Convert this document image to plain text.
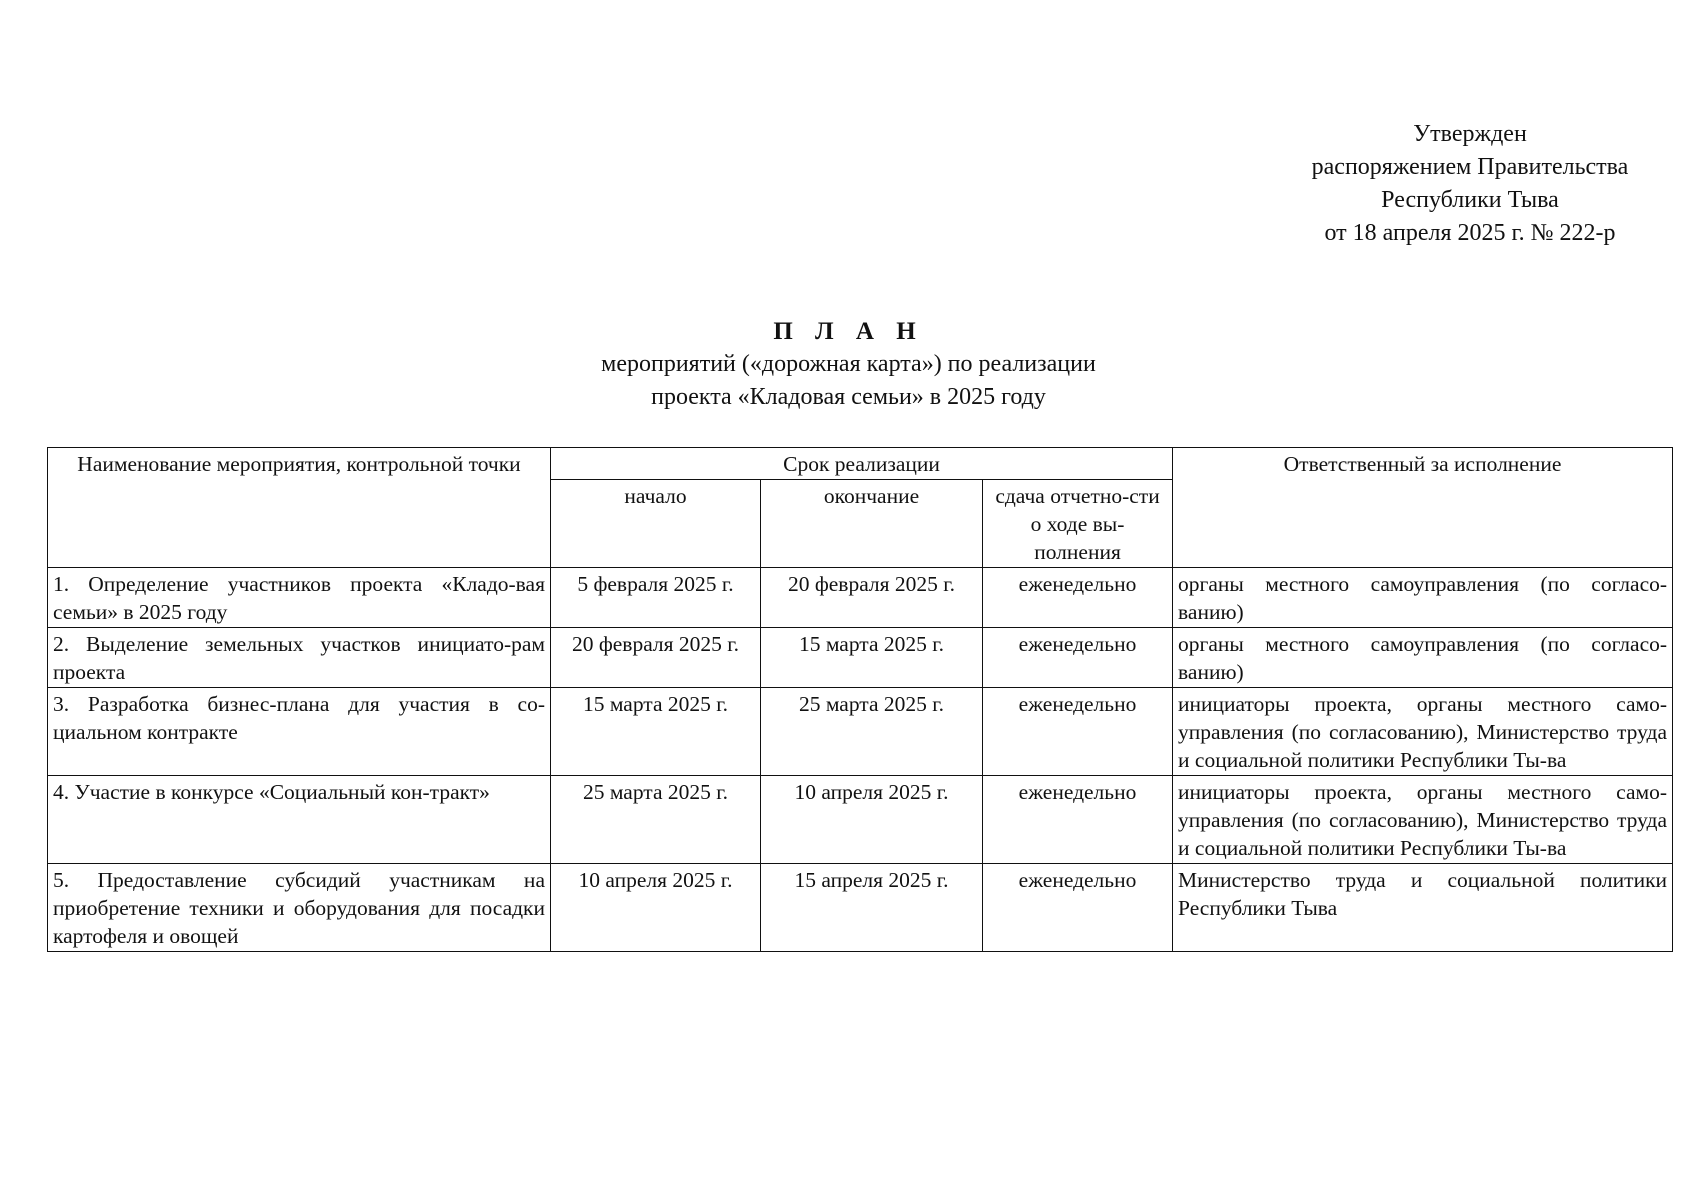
Утвержден
распоряжением Правительства
Республики Тыва
от 18 апреля 2025 г. № 222-р
П Л А Н
мероприятий («дорожная карта») по реализации
проекта «Кладовая семьи» в 2025 году
Наименование мероприятия, контрольной точки	Срок реализации			Ответственный за исполнение
	начало	окончание	сдача отчетно-сти о ходе вы-полнения	
1. Определение участников проекта «Кладо-вая семьи» в 2025 году	5 февраля 2025 г.	20 февраля 2025 г.	еженедельно	органы местного самоуправления (по согласо-ванию)
2. Выделение земельных участков инициато-рам проекта	20 февраля 2025 г.	15 марта 2025 г.	еженедельно	органы местного самоуправления (по согласо-ванию)
3. Разработка бизнес-плана для участия в со-циальном контракте	15 марта 2025 г.	25 марта 2025 г.	еженедельно	инициаторы проекта, органы местного само-управления (по согласованию), Министерство труда и социальной политики Республики Ты-ва
4. Участие в конкурсе «Социальный кон-тракт»	25 марта 2025 г.	10 апреля 2025 г.	еженедельно	инициаторы проекта, органы местного само-управления (по согласованию), Министерство труда и социальной политики Республики Ты-ва
5. Предоставление субсидий участникам на приобретение техники и оборудования для посадки картофеля и овощей	10 апреля 2025 г.	15 апреля 2025 г.	еженедельно	Министерство труда и социальной политики Республики Тыва
